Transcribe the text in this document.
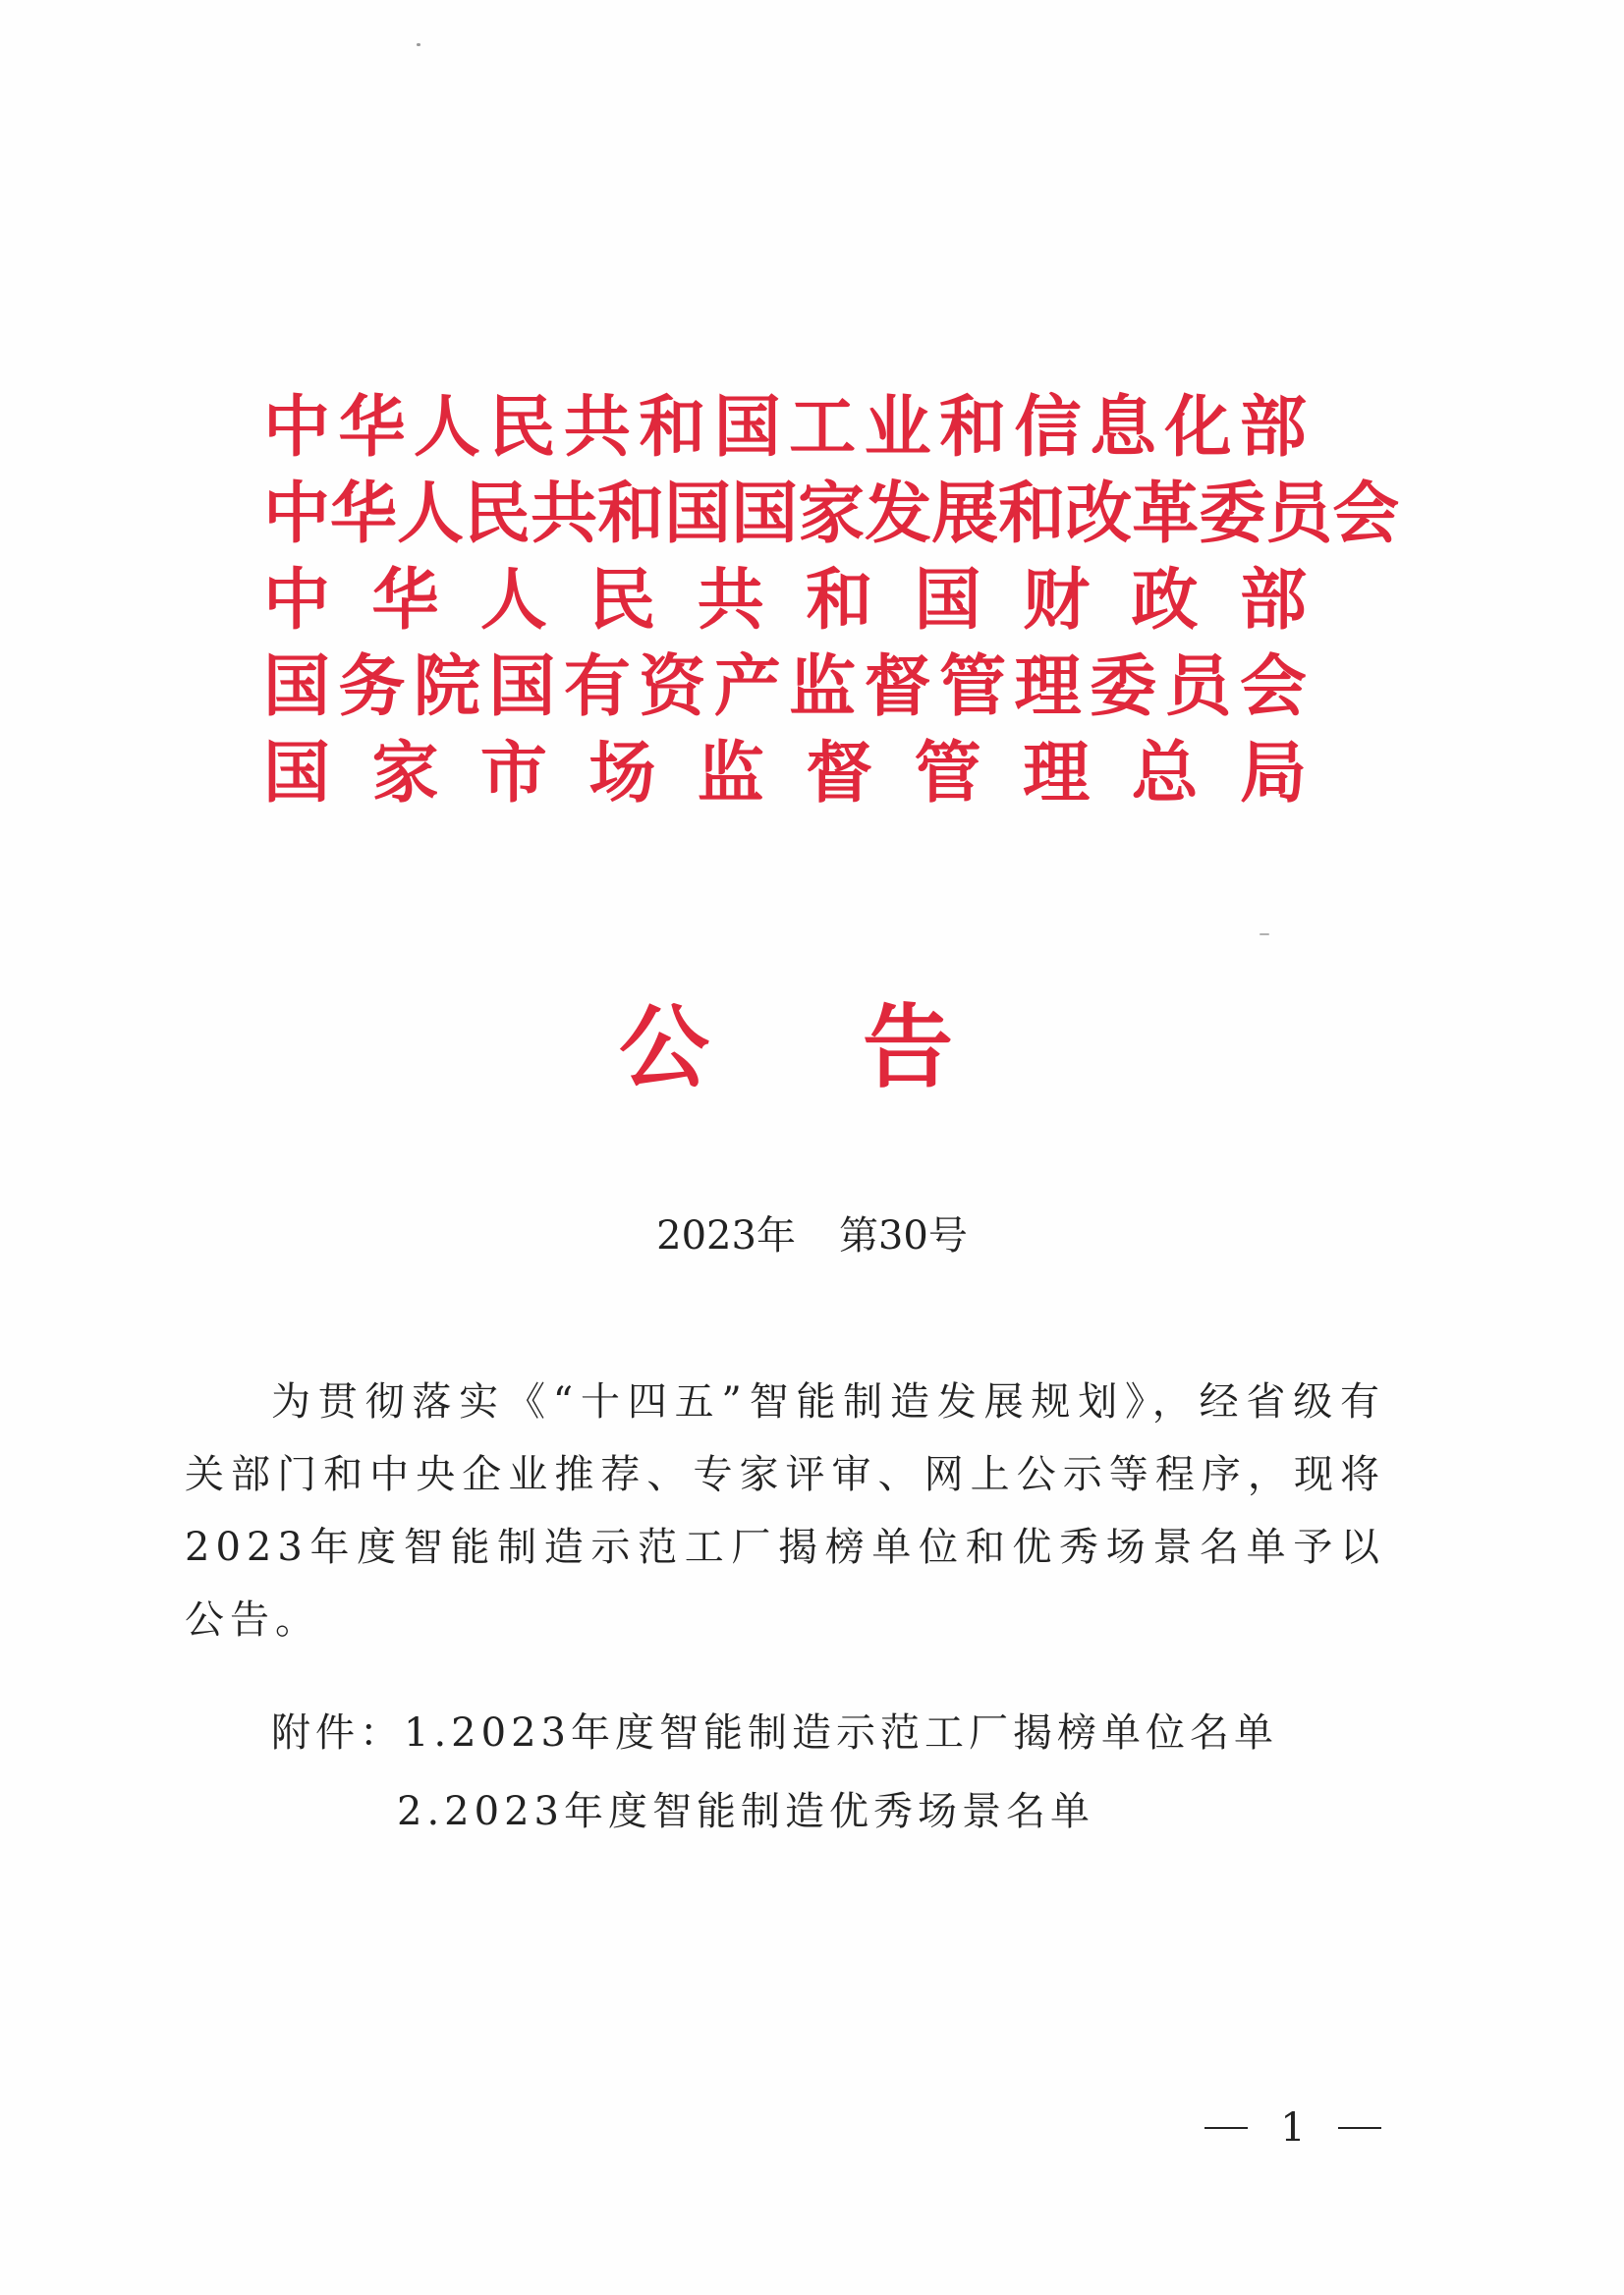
中 华 人 民 共 和 国 工 业 和 信 息 化 部
中 华 人 民 共 和 国 国 家 发 展 和 改 革 委 员 会
中 华 人 民 共 和 国 财 政 部
国 务 院 国 有 资 产 监 督 管 理 委 员 会
国 家 市 场 监 督 管 理 总 局
公 告
2023年 第30号

为贯彻落实《“十四五”智能制造发展规划》，经省级有关部门和中央企业推荐、专家评审、网上公示等程序，现将2023年度智能制造示范工厂揭榜单位和优秀场景名单予以公告。

附件：1.2023年度智能制造示范工厂揭榜单位名单
2.2023年度智能制造优秀场景名单
1
